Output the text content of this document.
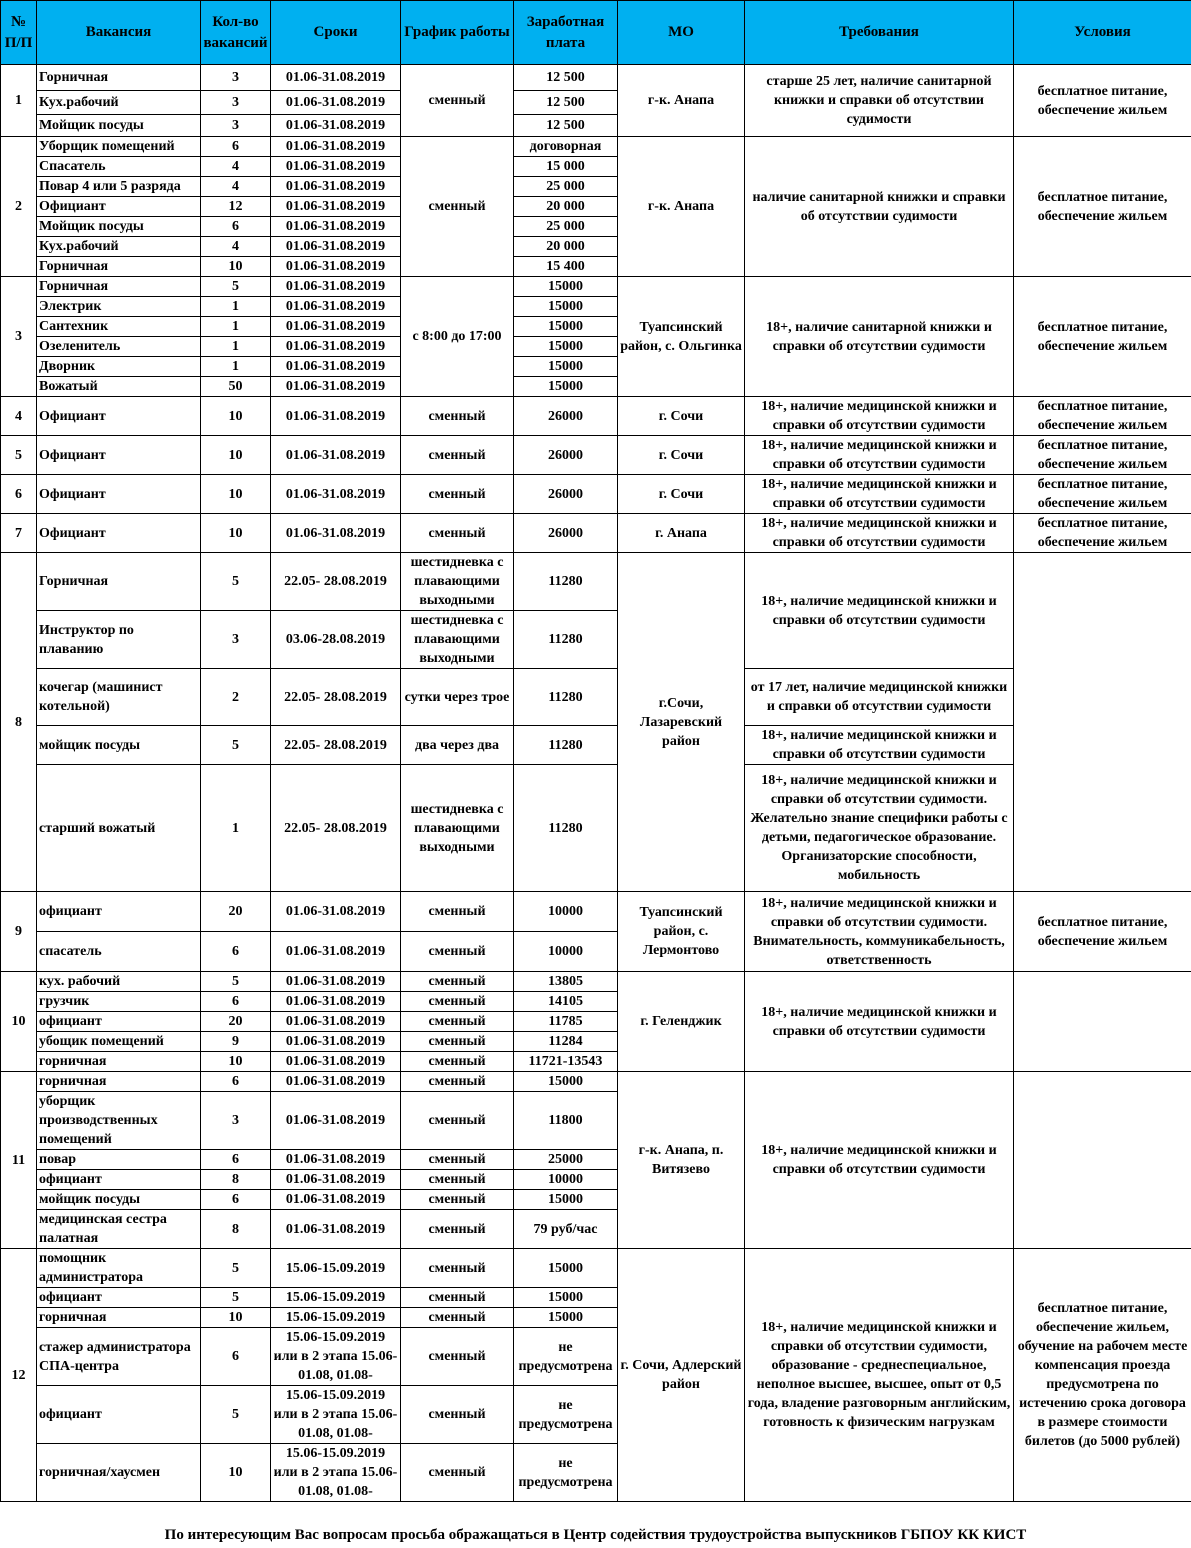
№ П/П	Вакансия	Кол-во вакансий	Сроки	График работы	Заработная плата	МО	Требования	Условия
1	Горничная	3	01.06-31.08.2019	сменный	12 500	г-к. Анапа	старше 25 лет, наличие санитарной книжки и справки об отсутствии судимости	бесплатное питание, обеспечение жильем
	Кух.рабочий	3	01.06-31.08.2019		12 500			
	Мойщик посуды	3	01.06-31.08.2019		12 500			
2	Уборщик помещений	6	01.06-31.08.2019	сменный	договорная	г-к. Анапа	наличие санитарной книжки и справки об отсутствии судимости	бесплатное питание, обеспечение жильем
	Спасатель	4	01.06-31.08.2019		15 000			
	Повар 4 или 5 разряда	4	01.06-31.08.2019		25 000			
	Официант	12	01.06-31.08.2019		20 000			
	Мойщик посуды	6	01.06-31.08.2019		25 000			
	Кух.рабочий	4	01.06-31.08.2019		20 000			
	Горничная	10	01.06-31.08.2019		15 400			
3	Горничная	5	01.06-31.08.2019	с 8:00 до 17:00	15000	Туапсинский район, с. Ольгинка	18+, наличие санитарной книжки и справки об отсутствии судимости	бесплатное питание, обеспечение жильем
	Электрик	1	01.06-31.08.2019		15000			
	Сантехник	1	01.06-31.08.2019		15000			
	Озеленитель	1	01.06-31.08.2019		15000			
	Дворник	1	01.06-31.08.2019		15000			
	Вожатый	50	01.06-31.08.2019		15000			
4	Официант	10	01.06-31.08.2019	сменный	26000	г. Сочи	18+, наличие медицинской книжки и справки об отсутствии судимости	бесплатное питание, обеспечение жильем
5	Официант	10	01.06-31.08.2019	сменный	26000	г. Сочи	18+, наличие медицинской книжки и справки об отсутствии судимости	бесплатное питание, обеспечение жильем
6	Официант	10	01.06-31.08.2019	сменный	26000	г. Сочи	18+, наличие медицинской книжки и справки об отсутствии судимости	бесплатное питание, обеспечение жильем
7	Официант	10	01.06-31.08.2019	сменный	26000	г. Анапа	18+, наличие медицинской книжки и справки об отсутствии судимости	бесплатное питание, обеспечение жильем
8	Горничная	5	22.05- 28.08.2019	шестидневка с плавающими выходными	11280	г.Сочи, Лазаревский район	18+, наличие медицинской книжки и справки об отсутствии судимости	
	Инструктор по плаванию	3	03.06-28.08.2019	шестидневка с плавающими выходными	11280			
	кочегар (машинист котельной)	2	22.05- 28.08.2019	сутки через трое	11280		от 17 лет, наличие медицинской книжки и справки об отсутствии судимости	
	мойщик посуды	5	22.05- 28.08.2019	два через два	11280		18+, наличие медицинской книжки и справки об отсутствии судимости	
	старший вожатый	1	22.05- 28.08.2019	шестидневка с плавающими выходными	11280		18+, наличие медицинской книжки и справки об отсутствии судимости. Желательно знание специфики работы с детьми, педагогическое образование. Организаторские способности, мобильность	
9	официант	20	01.06-31.08.2019	сменный	10000	Туапсинский район, с. Лермонтово	18+, наличие медицинской книжки и справки об отсутствии судимости. Внимательность, коммуникабельность, ответственность	бесплатное питание, обеспечение жильем
	спасатель	6	01.06-31.08.2019	сменный	10000			
10	кух. рабочий	5	01.06-31.08.2019	сменный	13805	г. Геленджик	18+, наличие медицинской книжки и справки об отсутствии судимости	
	грузчик	6	01.06-31.08.2019	сменный	14105			
	официант	20	01.06-31.08.2019	сменный	11785			
	убощик помещений	9	01.06-31.08.2019	сменный	11284			
	горничная	10	01.06-31.08.2019	сменный	11721-13543			
11	горничная	6	01.06-31.08.2019	сменный	15000	г-к. Анапа, п. Витязево	18+, наличие медицинской книжки и справки об отсутствии судимости	
	уборщик производственных помещений	3	01.06-31.08.2019	сменный	11800			
	повар	6	01.06-31.08.2019	сменный	25000			
	официант	8	01.06-31.08.2019	сменный	10000			
	мойщик посуды	6	01.06-31.08.2019	сменный	15000			
	медицинская сестра палатная	8	01.06-31.08.2019	сменный	79 руб/час			
12	помощник администратора	5	15.06-15.09.2019	сменный	15000	г. Сочи, Адлерский район	18+, наличие медицинской книжки и справки об отсутствии судимости, образование - среднеспециальное, неполное высшее, высшее, опыт от 0,5 года, владение разговорным английским, готовность к физическим нагрузкам	бесплатное питание, обеспечение жильем, обучение на рабочем месте компенсация проезда предусмотрена по истечению срока договора в размере стоимости билетов (до 5000 рублей)
	официант	5	15.06-15.09.2019	сменный	15000			
	горничная	10	15.06-15.09.2019	сменный	15000			
	стажер администратора СПА-центра	6	15.06-15.09.2019 или в 2 этапа 15.06-01.08, 01.08-	сменный	не предусмотрена			
	официант	5	15.06-15.09.2019 или в 2 этапа 15.06-01.08, 01.08-	сменный	не предусмотрена			
	горничная/хаусмен	10	15.06-15.09.2019 или в 2 этапа 15.06-01.08, 01.08-	сменный	не предусмотрена			

По интересующим Вас вопросам просьба ображащаться в Центр содействия трудоустройства выпускников ГБПОУ КК КИСТ
